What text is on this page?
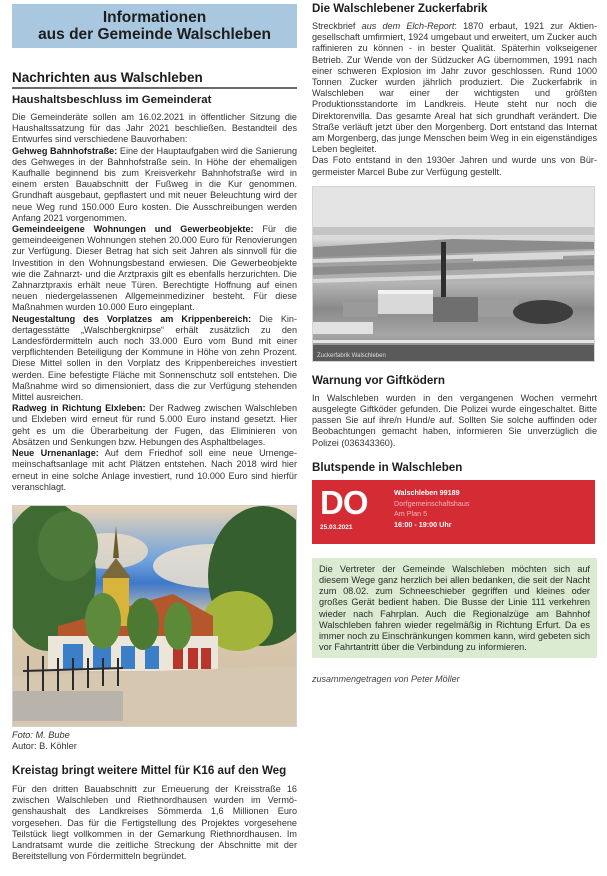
Informationen
aus der Gemeinde Walschleben
Nachrichten aus Walschleben
Haushaltsbeschluss im Gemeinderat
Die Gemeinderäte sollen am 16.02.2021 in öffentlicher Sitzung die Haushaltssatzung für das Jahr 2021 beschließen. Bestandteil des Entwurfes sind verschiedene Bauvorhaben:
Gehweg Bahnhofstraße: Eine der Hauptaufgaben wird die Sanierung des Gehweges in der Bahnhofstraße sein. In Höhe der ehemaligen Kaufhalle beginnend bis zum Kreisverkehr Bahnhofstraße wird in einem ersten Bauabschnitt der Fußweg in die Kur genommen. Grundhaft ausgebaut, gepflastert und mit neuer Beleuchtung wird der neue Weg rund 150.000 Euro kosten. Die Ausschreibungen werden Anfang 2021 vorgenommen.
Gemeindeeigene Wohnungen und Gewerbeobjekte: Für die gemeindeeigenen Wohnungen stehen 20.000 Euro für Renovierungen zur Verfügung. Dieser Betrag hat sich seit Jahren als sinnvoll für die Investition in den Wohnungsbestand erwiesen. Die Gewerbeobjekte wie die Zahnarzt- und die Arztpraxis gilt es ebenfalls herzurichten. Die Zahnarztpraxis erhält neue Türen. Berechtigte Hoffnung auf einen neuen niedergelassenen Allgemeinmediziner besteht. Für diese Maßnahmen wurden 10.000 Euro eingeplant.
Neugestaltung des Vorplatzes am Krippenbereich: Die Kindertagesstätte „Walschbergknirpse“ erhält zusätzlich zu den Landesfördermitteln auch noch 33.000 Euro vom Bund mit einer verpflichtenden Beteiligung der Kommune in Höhe von zehn Prozent. Diese Mittel sollen in den Vorplatz des Krippenbereiches investiert werden. Eine befestigte Fläche mit Sonnenschutz soll entstehen. Die Maßnahme wird so dimensioniert, dass die zur Verfügung stehenden Mittel ausreichen.
Radweg in Richtung Elxleben: Der Radweg zwischen Walschleben und Elxleben wird erneut für rund 5.000 Euro instand gesetzt. Hier geht es um die Überarbeitung der Fugen, das Eliminieren von Absätzen und Senkungen bzw. Hebungen des Asphaltbelages.
Neue Urnenanlage: Auf dem Friedhof soll eine neue Urnengemeinschaftsanlage mit acht Plätzen entstehen. Nach 2018 wird hier erneut in eine solche Anlage investiert, rund 10.000 Euro sind hierfür veranschlagt.
Foto: M. Bube
Autor: B. Köhler
Kreistag bringt weitere Mittel für K16 auf den Weg
Für den dritten Bauabschnitt zur Erneuerung der Kreisstraße 16 zwischen Walschleben und Riethnordhausen wurden im Vermögenshaushalt des Landkreises Sömmerda 1,6 Millionen Euro vorgesehen. Das für die Fertigstellung des Projektes vorgesehene Teilstück liegt vollkommen in der Gemarkung Riethnordhausen. Im Landratsamt wurde die zeitliche Streckung der Abschnitte mit der Bereitstellung von Fördermitteln begründet.
Die Walschlebener Zuckerfabrik
Streckbrief aus dem Elch-Report: 1870 erbaut, 1921 zur Aktiengesellschaft umfirmiert, 1924 umgebaut und erweitert, um Zucker auch raffinieren zu können - in bester Qualität. Späterhin volkseigener Betrieb. Zur Wende von der Südzucker AG übernommen, 1991 nach einer schweren Explosion im Jahr zuvor geschlossen. Rund 1000 Tonnen Zucker wurden jährlich produziert. Die Zuckerfabrik in Walschleben war einer der wichtigsten und größten Produktionsstandorte im Landkreis. Heute steht nur noch die Direktorenvilla. Das gesamte Areal hat sich grundhaft verändert. Die Straße verläuft jetzt über den Morgenberg. Dort entstand das Internat am Morgenberg, das junge Menschen beim Weg in ein eigenständiges Leben begleitet.
Das Foto entstand in den 1930er Jahren und wurde uns von Bürgermeister Marcel Bube zur Verfügung gestellt.
Zuckerfabrik Walschleben
Warnung vor Giftködern
In Walschleben wurden in den vergangenen Wochen vermehrt ausgelegte Giftköder gefunden. Die Polizei wurde eingeschaltet. Bitte passen Sie auf ihre/n Hund/e auf. Sollten Sie solche auffinden oder Beobachtungen gemacht haben, informieren Sie unverzüglich die Polizei (036343360).
Blutspende in Walschleben
DO
25.03.2021
Walschleben 99189
Dorfgemeinschaftshaus
Am Plan 5
16:00 - 19:00 Uhr
Die Vertreter der Gemeinde Walschleben möchten sich auf diesem Wege ganz herzlich bei allen bedanken, die seit der Nacht zum 08.02. zum Schneeschieber gegriffen und kleines oder großes Gerät bedient haben. Die Busse der Linie 111 verkehren wieder nach Fahrplan. Auch die Regionalzüge am Bahnhof Walschleben fahren wieder regelmäßig in Richtung Erfurt. Da es immer noch zu Einschränkungen kommen kann, wird gebeten sich vor Fahrtantritt über die Verbindung zu informieren.
zusammengetragen von Peter Möller
